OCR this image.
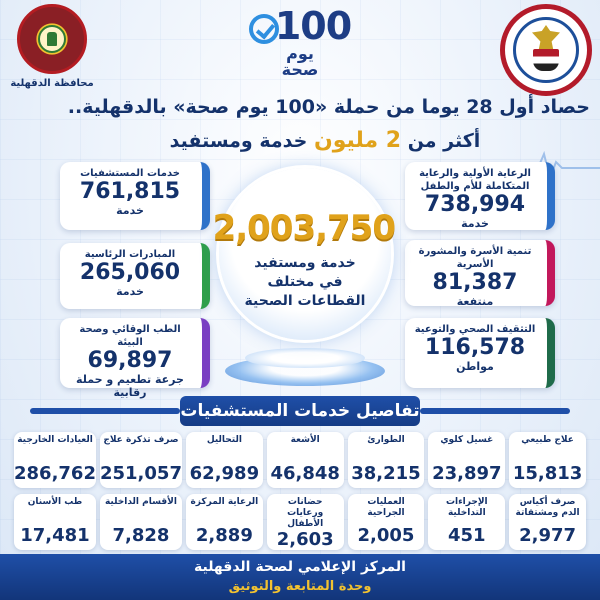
محافظة الدقهلية
100
يوم
صحة
حصاد أول 28 يوما من حملة «100 يوم صحة» بالدقهلية..
أكثر من 2 مليون خدمة ومستفيد
خدمات المستشفيات
761,815
خدمة
المبادرات الرئاسية
265,060
خدمة
الطب الوقائي وصحة البيئة
69,897
جرعة تطعيم و حملة رقابية
الرعاية الأولية والرعاية المتكاملة للأم والطفل
738,994
خدمة
تنمية الأسرة والمشورة الأسرية
81,387
منتفعة
التثقيف الصحي والتوعية
116,578
مواطن
2,003,750
خدمة ومستفيد
في مختلف
القطاعات الصحية
تفاصيل خدمات المستشفيات
علاج طبيعي
15,813
غسيل كلوي
23,897
الطوارئ
38,215
الأشعة
46,848
التحاليل
62,989
صرف تذكرة علاج
251,057
العيادات الخارجية
286,762
صرف أكياس الدم ومشتقاتة
2,977
الإجراءات التداخلية
451
العمليات الجراحية
2,005
حضانات ورعايات الأطفال
2,603
الرعاية المركزة
2,889
الأقسام الداخلية
7,828
طب الأسنان
17,481
المركز الإعلامي لصحة الدقهلية
وحدة المتابعة والتوثيق
